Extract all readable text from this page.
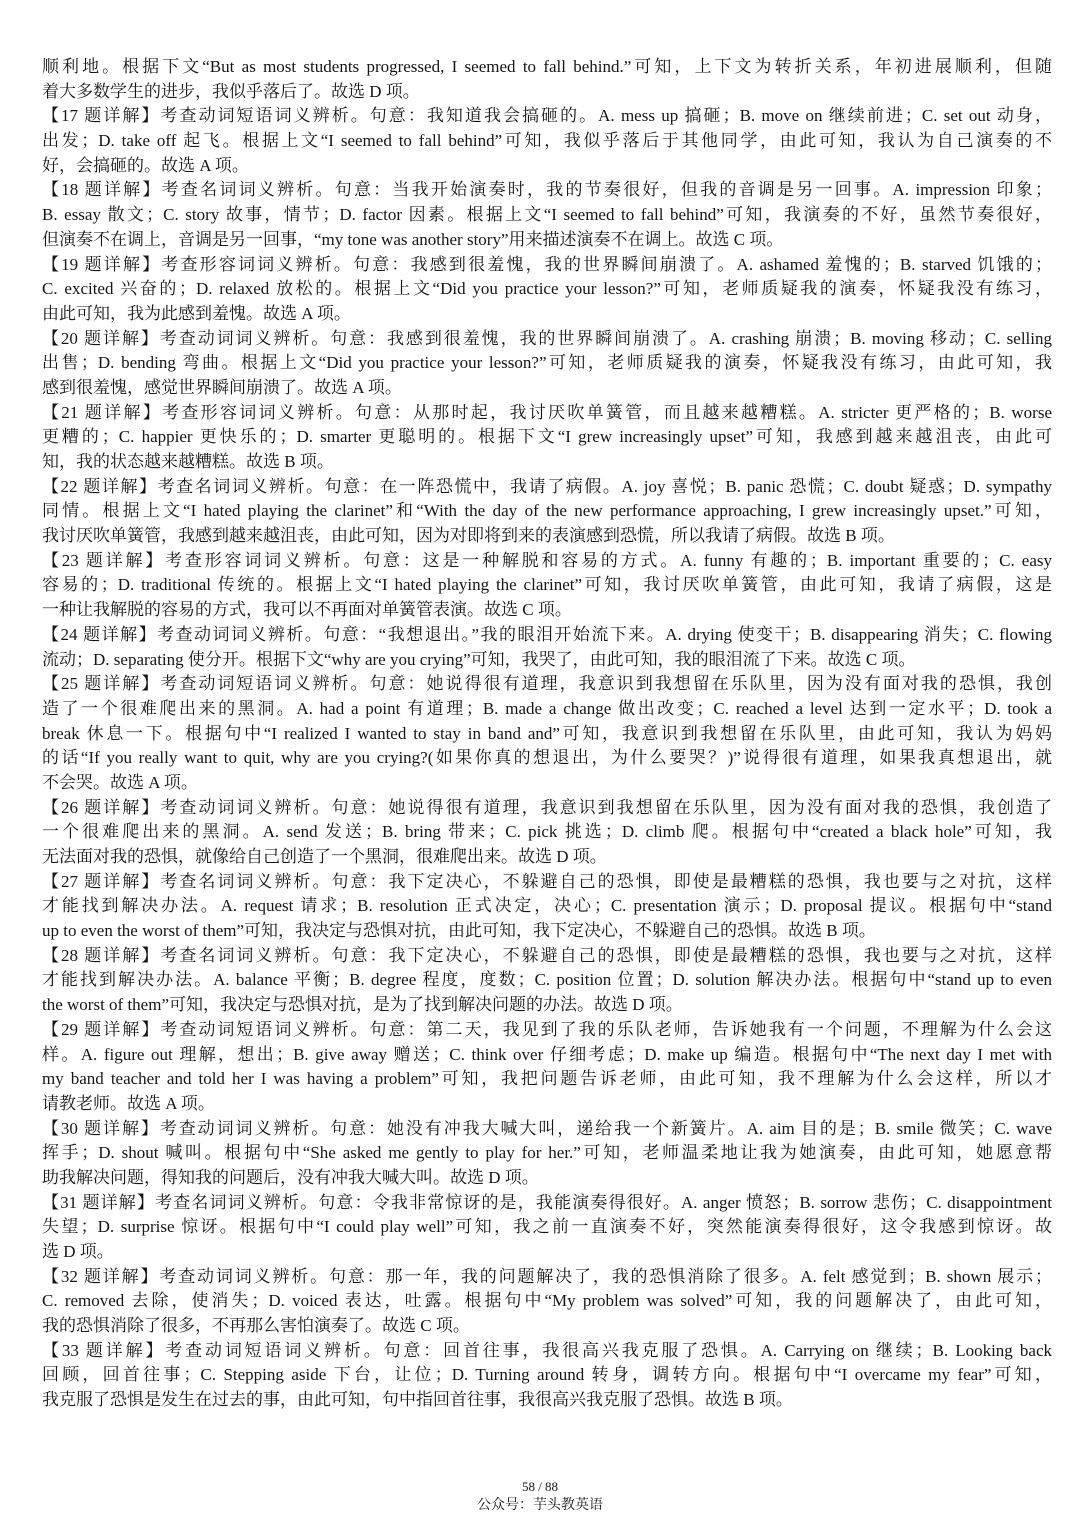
顺利地。根据下文“But as most students progressed, I seemed to fall behind.”可知，上下文为转折关系，年初进展顺利，但随
着大多数学生的进步，我似乎落后了。故选 D 项。
【17 题详解】考查动词短语词义辨析。句意：我知道我会搞砸的。A. mess up 搞砸；B. move on 继续前进；C. set out 动身，
出发；D. take off 起飞。根据上文“I seemed to fall behind”可知，我似乎落后于其他同学，由此可知，我认为自己演奏的不
好，会搞砸的。故选 A 项。
【18 题详解】考查名词词义辨析。句意：当我开始演奏时，我的节奏很好，但我的音调是另一回事。A. impression 印象；
B. essay 散文；C. story 故事，情节；D. factor 因素。根据上文“I seemed to fall behind”可知，我演奏的不好，虽然节奏很好，
但演奏不在调上，音调是另一回事，“my tone was another story”用来描述演奏不在调上。故选 C 项。
【19 题详解】考查形容词词义辨析。句意：我感到很羞愧，我的世界瞬间崩溃了。A. ashamed 羞愧的；B. starved 饥饿的；
C. excited 兴奋的；D. relaxed 放松的。根据上文“Did you practice your lesson?”可知，老师质疑我的演奏，怀疑我没有练习，
由此可知，我为此感到羞愧。故选 A 项。
【20 题详解】考查动词词义辨析。句意：我感到很羞愧，我的世界瞬间崩溃了。A. crashing 崩溃；B. moving 移动；C. selling
出售；D. bending 弯曲。根据上文“Did you practice your lesson?”可知，老师质疑我的演奏，怀疑我没有练习，由此可知，我
感到很羞愧，感觉世界瞬间崩溃了。故选 A 项。
【21 题详解】考查形容词词义辨析。句意：从那时起，我讨厌吹单簧管，而且越来越糟糕。A. stricter 更严格的；B. worse
更糟的；C. happier 更快乐的；D. smarter 更聪明的。根据下文“I grew increasingly upset”可知，我感到越来越沮丧，由此可
知，我的状态越来越糟糕。故选 B 项。
【22 题详解】考查名词词义辨析。句意：在一阵恐慌中，我请了病假。A. joy 喜悦；B. panic 恐慌；C. doubt 疑惑；D. sympathy
同情。根据上文“I hated playing the clarinet”和“With the day of the new performance approaching, I grew increasingly upset.”可知，
我讨厌吹单簧管，我感到越来越沮丧，由此可知，因为对即将到来的表演感到恐慌，所以我请了病假。故选 B 项。
【23 题详解】考查形容词词义辨析。句意：这是一种解脱和容易的方式。A. funny 有趣的；B. important 重要的；C. easy
容易的；D. traditional 传统的。根据上文“I hated playing the clarinet”可知，我讨厌吹单簧管，由此可知，我请了病假，这是
一种让我解脱的容易的方式，我可以不再面对单簧管表演。故选 C 项。
【24 题详解】考查动词词义辨析。句意：“我想退出。”我的眼泪开始流下来。A. drying 使变干；B. disappearing 消失；C. flowing
流动；D. separating 使分开。根据下文“why are you crying”可知，我哭了，由此可知，我的眼泪流了下来。故选 C 项。
【25 题详解】考查动词短语词义辨析。句意：她说得很有道理，我意识到我想留在乐队里，因为没有面对我的恐惧，我创
造了一个很难爬出来的黑洞。A. had a point 有道理；B. made a change 做出改变；C. reached a level 达到一定水平；D. took a
break 休息一下。根据句中“I realized I wanted to stay in band and”可知，我意识到我想留在乐队里，由此可知，我认为妈妈
的话“If you really want to quit, why are you crying?(如果你真的想退出，为什么要哭？)”说得很有道理，如果我真想退出，就
不会哭。故选 A 项。
【26 题详解】考查动词词义辨析。句意：她说得很有道理，我意识到我想留在乐队里，因为没有面对我的恐惧，我创造了
一个很难爬出来的黑洞。A. send 发送；B. bring 带来；C. pick 挑选；D. climb 爬。根据句中“created a black hole”可知，我
无法面对我的恐惧，就像给自己创造了一个黑洞，很难爬出来。故选 D 项。
【27 题详解】考查名词词义辨析。句意：我下定决心，不躲避自己的恐惧，即使是最糟糕的恐惧，我也要与之对抗，这样
才能找到解决办法。A. request 请求；B. resolution 正式决定，决心；C. presentation 演示；D. proposal 提议。根据句中“stand
up to even the worst of them”可知，我决定与恐惧对抗，由此可知，我下定决心，不躲避自己的恐惧。故选 B 项。
【28 题详解】考查名词词义辨析。句意：我下定决心，不躲避自己的恐惧，即使是最糟糕的恐惧，我也要与之对抗，这样
才能找到解决办法。A. balance 平衡；B. degree 程度，度数；C. position 位置；D. solution 解决办法。根据句中“stand up to even
the worst of them”可知，我决定与恐惧对抗，是为了找到解决问题的办法。故选 D 项。
【29 题详解】考查动词短语词义辨析。句意：第二天，我见到了我的乐队老师，告诉她我有一个问题，不理解为什么会这
样。A. figure out 理解，想出；B. give away 赠送；C. think over 仔细考虑；D. make up 编造。根据句中“The next day I met with
my band teacher and told her I was having a problem”可知，我把问题告诉老师，由此可知，我不理解为什么会这样，所以才
请教老师。故选 A 项。
【30 题详解】考查动词词义辨析。句意：她没有冲我大喊大叫，递给我一个新簧片。A. aim 目的是；B. smile 微笑；C. wave
挥手；D. shout 喊叫。根据句中“She asked me gently to play for her.”可知，老师温柔地让我为她演奏，由此可知，她愿意帮
助我解决问题，得知我的问题后，没有冲我大喊大叫。故选 D 项。
【31 题详解】考查名词词义辨析。句意：令我非常惊讶的是，我能演奏得很好。A. anger 愤怒；B. sorrow 悲伤；C. disappointment
失望；D. surprise 惊讶。根据句中“I could play well”可知，我之前一直演奏不好，突然能演奏得很好，这令我感到惊讶。故
选 D 项。
【32 题详解】考查动词词义辨析。句意：那一年，我的问题解决了，我的恐惧消除了很多。A. felt 感觉到；B. shown 展示；
C. removed 去除，使消失；D. voiced 表达，吐露。根据句中“My problem was solved”可知，我的问题解决了，由此可知，
我的恐惧消除了很多，不再那么害怕演奏了。故选 C 项。
【33 题详解】考查动词短语词义辨析。句意：回首往事，我很高兴我克服了恐惧。A. Carrying on 继续；B. Looking back
回顾，回首往事；C. Stepping aside 下台，让位；D. Turning around 转身，调转方向。根据句中“I overcame my fear”可知，
我克服了恐惧是发生在过去的事，由此可知，句中指回首往事，我很高兴我克服了恐惧。故选 B 项。
58 / 88
公众号：芋头教英语
